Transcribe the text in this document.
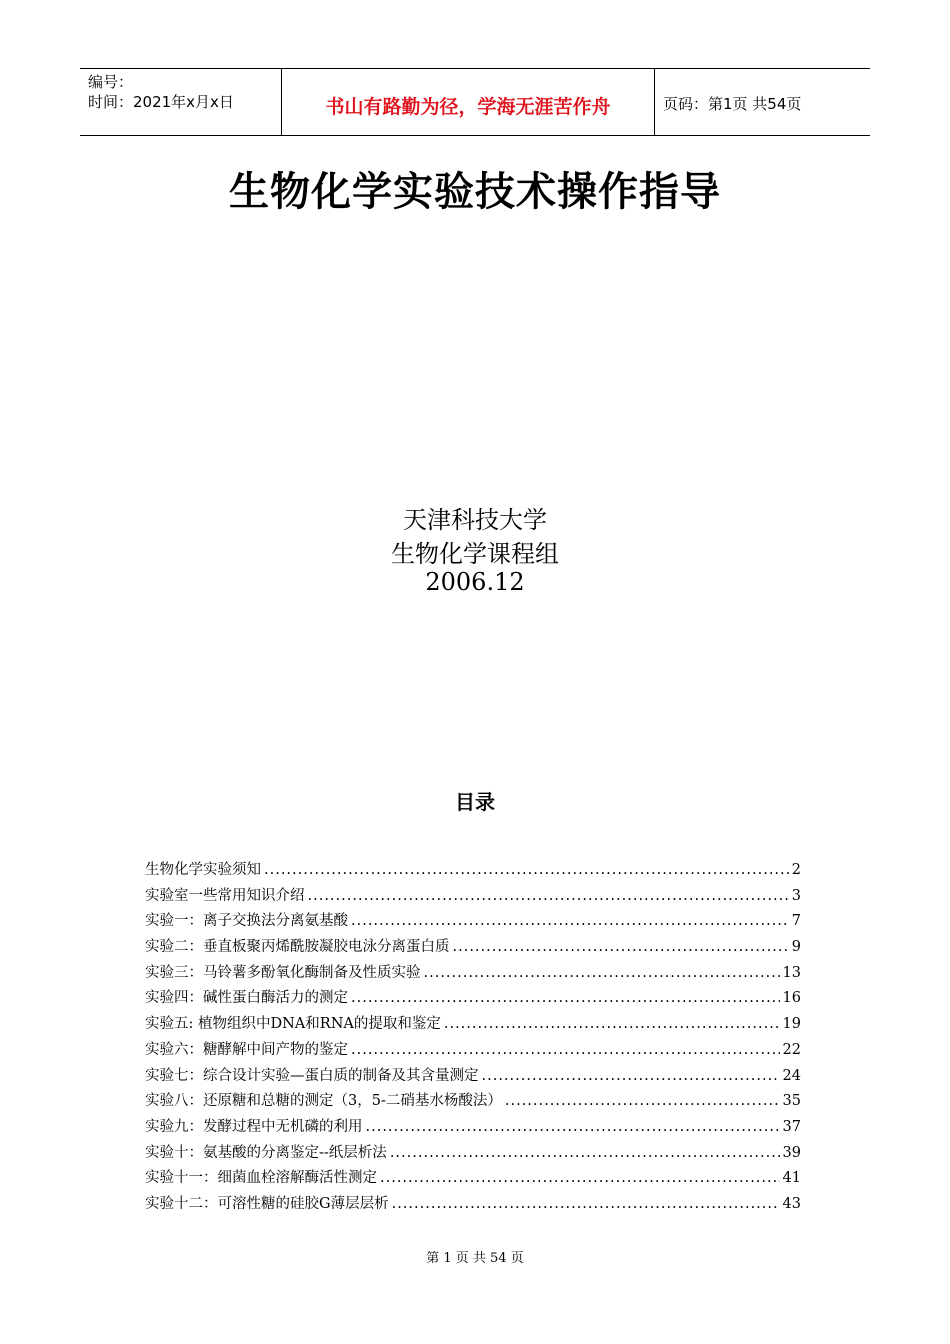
编号：
时间：2021年x月x日	书山有路勤为径，学海无涯苦作舟	页码：第1页 共54页
生物化学实验技术操作指导
天津科技大学
生物化学课程组
2006.12
目录
生物化学实验须知 .....	2
实验室一些常用知识介绍 .....	3
实验一：离子交换法分离氨基酸 .....	7
实验二：垂直板聚丙烯酰胺凝胶电泳分离蛋白质 .....	9
实验三：马铃薯多酚氧化酶制备及性质实验 .....	13
实验四：碱性蛋白酶活力的测定 .....	16
实验五: 植物组织中DNA和RNA的提取和鉴定 .....	19
实验六：糖酵解中间产物的鉴定 .....	22
实验七：综合设计实验—蛋白质的制备及其含量测定 .....	24
实验八：还原糖和总糖的测定（3，5-二硝基水杨酸法） .....	35
实验九：发酵过程中无机磷的利用 .....	37
实验十：氨基酸的分离鉴定--纸层析法 .....	39
实验十一：细菌血栓溶解酶活性测定 .....	41
实验十二：可溶性糖的硅胶G薄层层析 .....	43
第 1 页 共 54 页
